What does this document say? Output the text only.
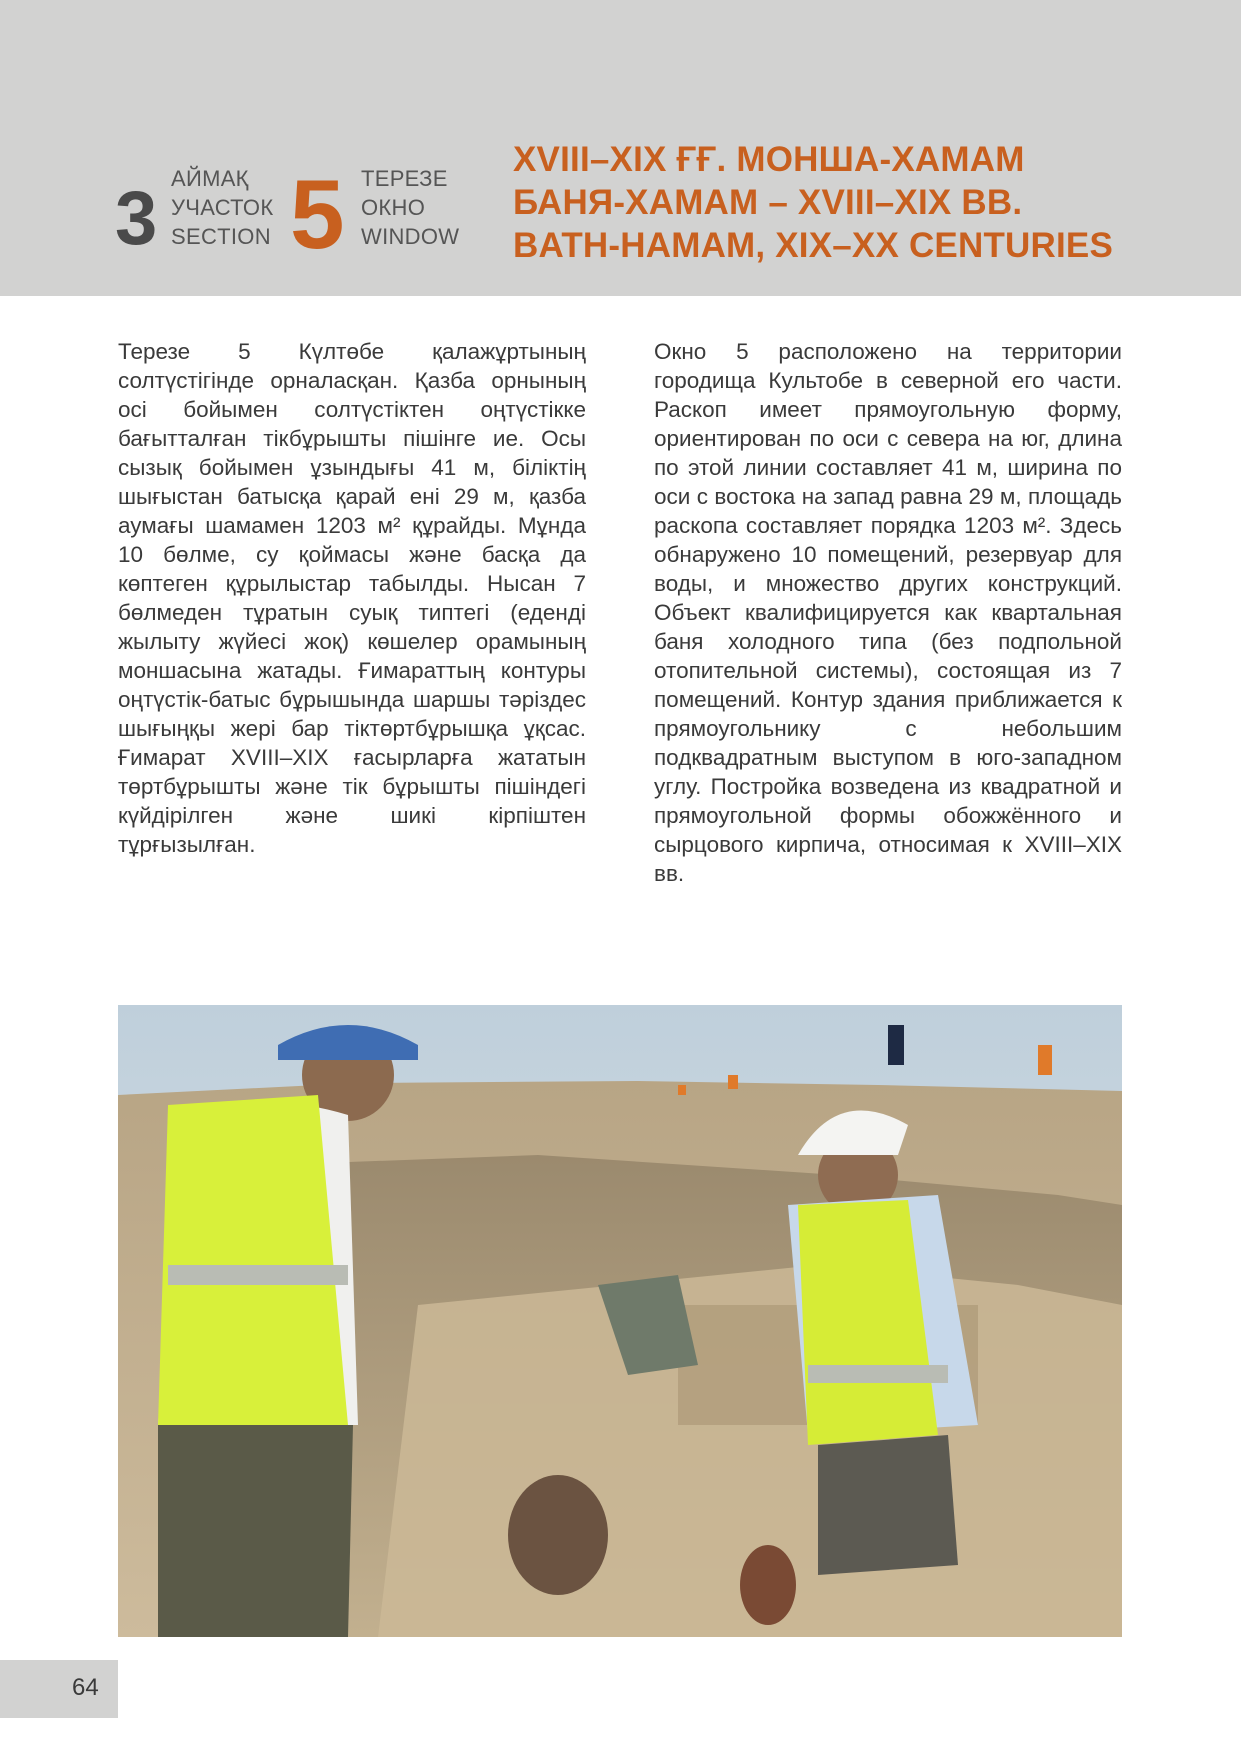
3 АЙМАҚ
УЧАСТОК
SECTION 5 ТЕРЕЗЕ
ОКНО
WINDOW
XVIII–XIX ҒҒ. МОНША-ХАМАМ
БАНЯ-ХАМАМ – XVIII–XIX ВВ.
BATH-HAMAM, XIX–XX CENTURIES
Терезе 5 Күлтөбе қалажұртының солтүстігінде орналасқан. Қазба орнының осі бойымен солтүстіктен оңтүстікке бағытталған тікбұрышты пішінге ие. Осы сызық бойымен ұзындығы 41 м, біліктің шығыстан батысқа қарай ені 29 м, қазба аумағы шамамен 1203 м² құрайды. Мұнда 10 бөлме, су қоймасы және басқа да көптеген құрылыстар табылды. Нысан 7 бөлмеден тұратын суық типтегі (едендi жылыту жүйесi жоқ) көшелер орамының моншасына жатады. Ғимараттың контуры оңтүстік-батыс бұрышында шаршы тәріздес шығыңқы жері бар тіктөртбұрышқа ұқсас. Ғимарат XVIII–XIX ғасырларға жататын төртбұрышты және тік бұрышты пішіндегі күйдірілген және шикі кірпіштен тұрғызылған.
Окно 5 расположено на территории городища Культобе в северной его части. Раскоп имеет прямоугольную форму, ориентирован по оси с севера на юг, длина по этой линии составляет 41 м, ширина по оси с востока на запад равна 29 м, площадь раскопа составляет порядка 1203 м². Здесь обнаружено 10 помещений, резервуар для воды, и множество других конструкций. Объект квалифицируется как квартальная баня холодного типа (без подпольной отопительной системы), состоящая из 7 помещений. Контур здания приближается к прямоугольнику с небольшим подквадратным выступом в юго-западном углу. Постройка возведена из квадратной и прямоугольной формы обожжённого и сырцового кирпича, относимая к XVIII–XIX вв.
64
